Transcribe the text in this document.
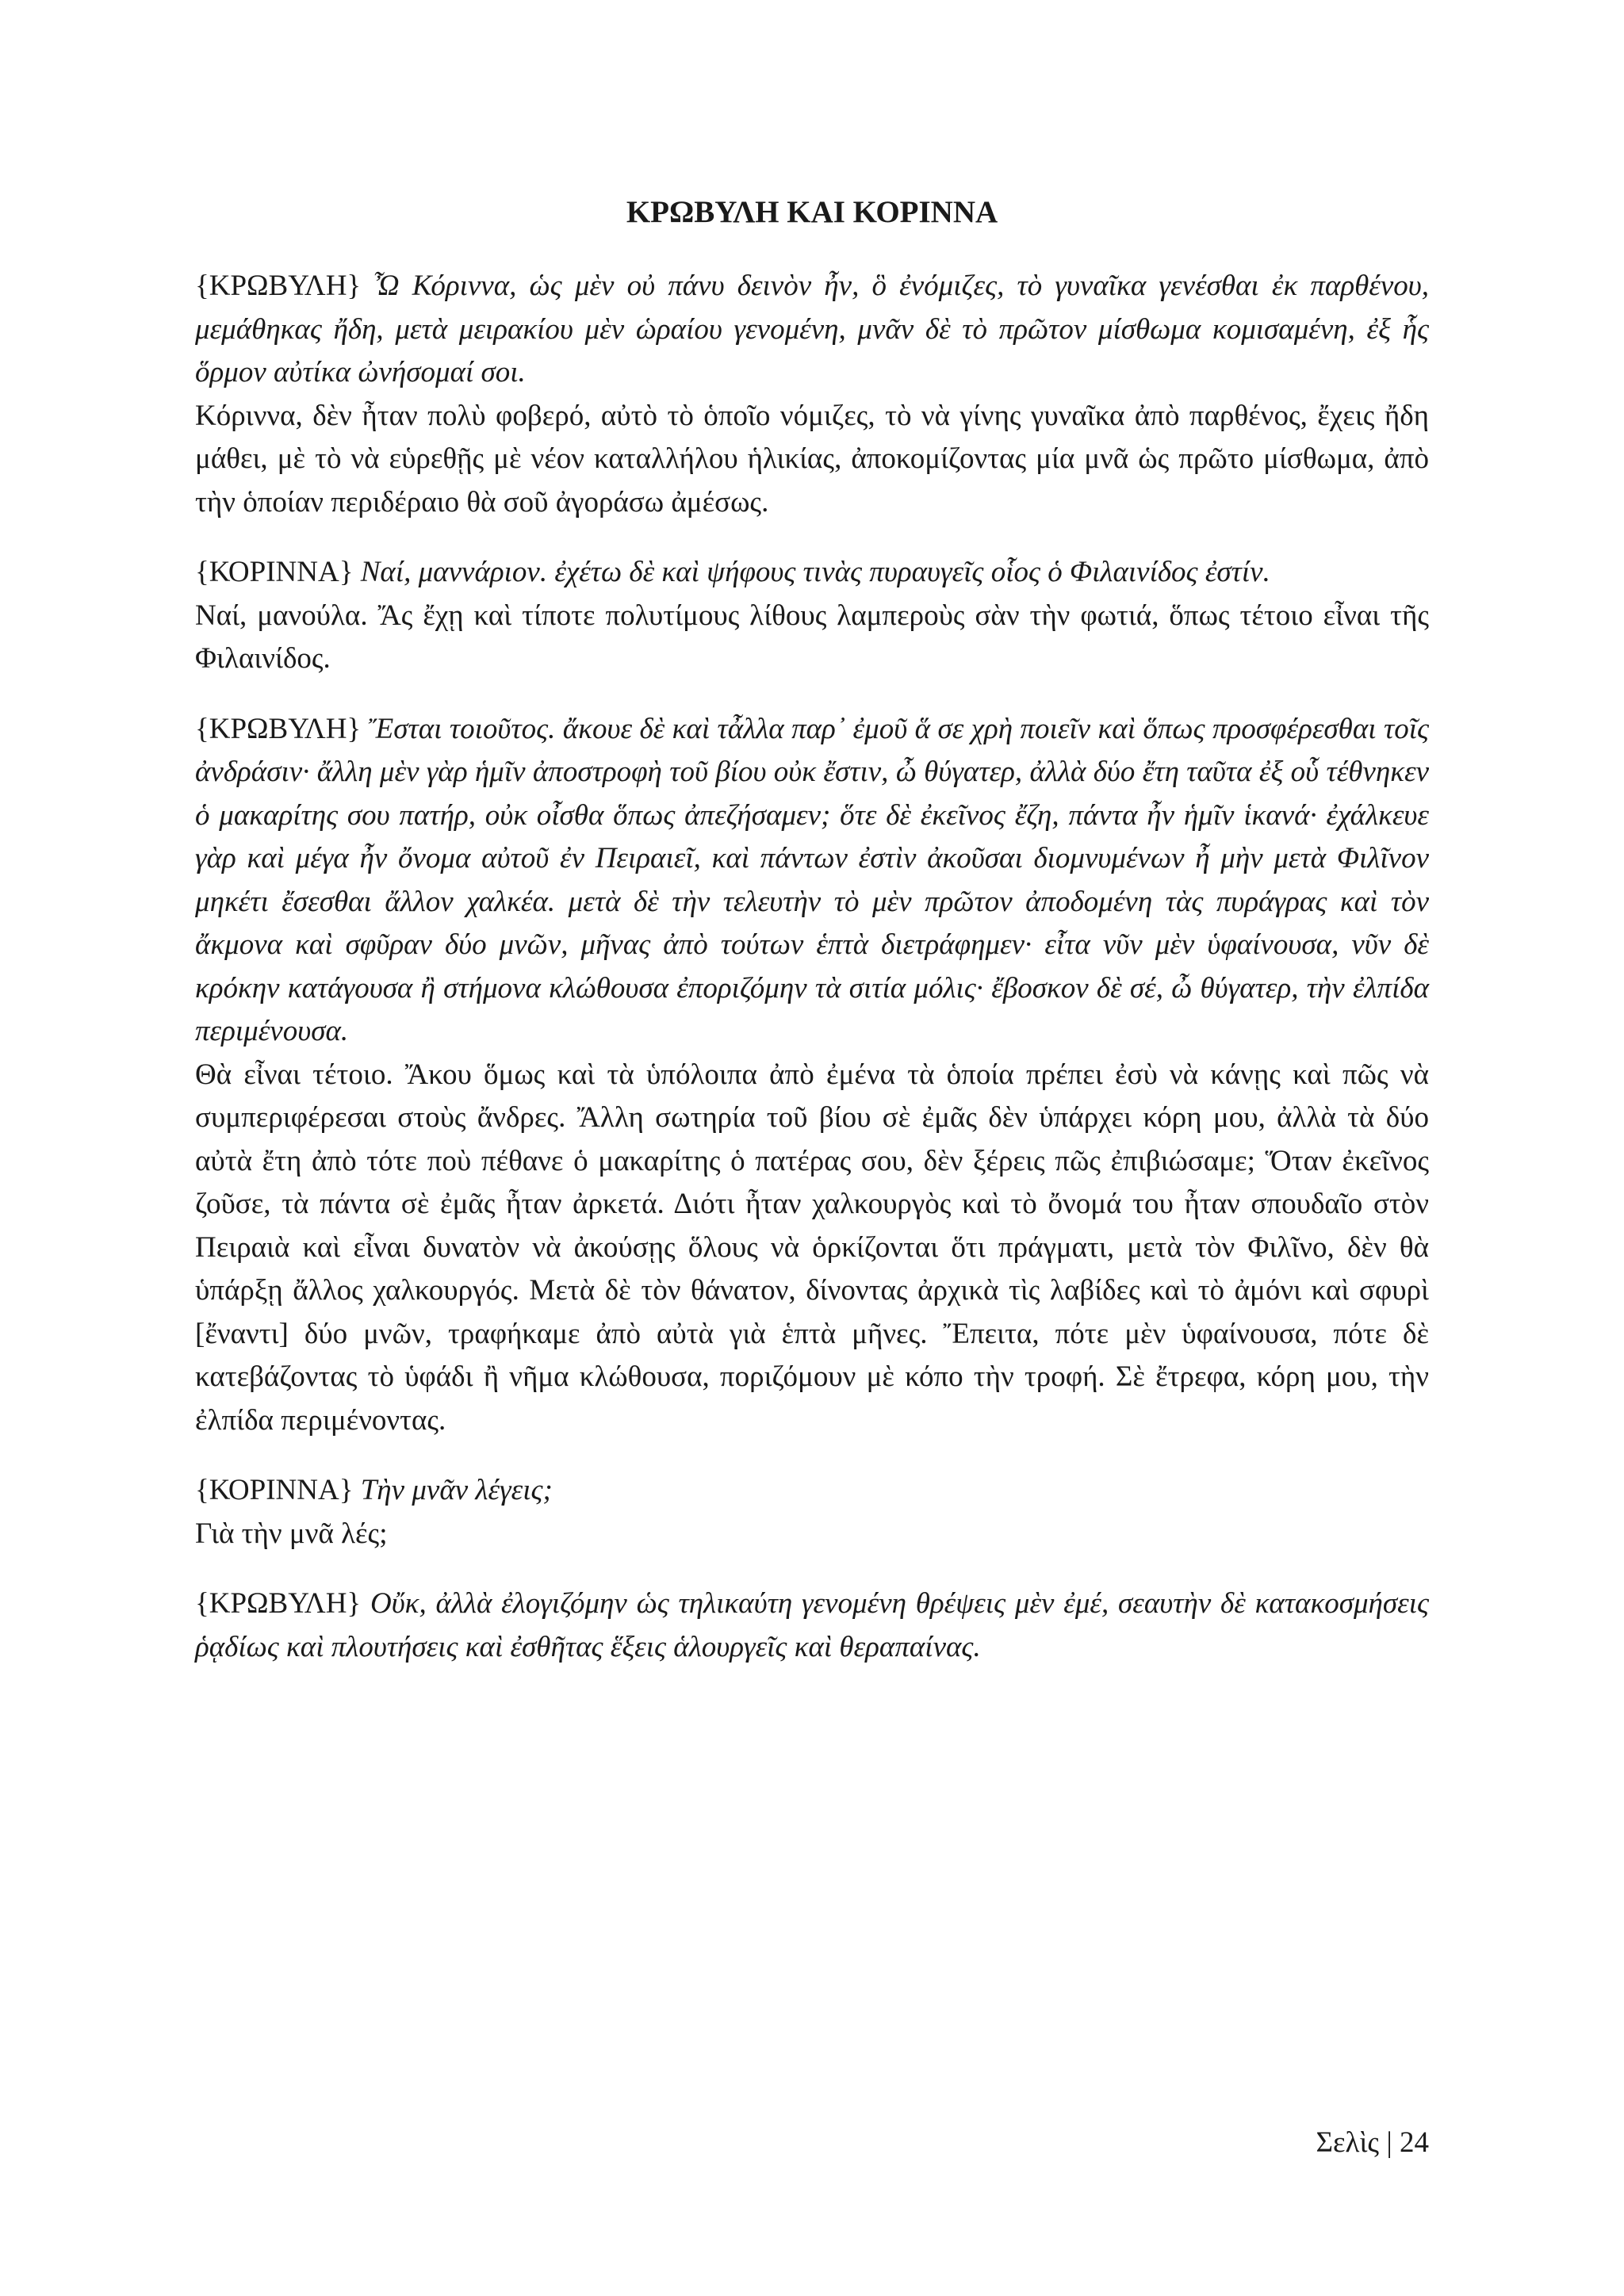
ΚΡΩΒΥΛΗ ΚΑΙ ΚΟΡΙΝΝΑ

{ΚΡΩΒΥΛΗ} Ὦ Κόριννα, ὡς μὲν οὐ πάνυ δεινὸν ἦν, ὃ ἐνόμιζες, τὸ γυναῖκα γενέσθαι ἐκ παρθένου, μεμάθηκας ἤδη, μετὰ μειρακίου μὲν ὡραίου γενομένη, μνᾶν δὲ τὸ πρῶτον μίσθωμα κομισαμένη, ἐξ ἧς ὅρμον αὐτίκα ὠνήσομαί σοι.

Κόριννα, δὲν ἦταν πολὺ φοβερό, αὐτὸ τὸ ὁποῖο νόμιζες, τὸ νὰ γίνης γυναῖκα ἀπὸ παρθένος, ἔχεις ἤδη μάθει, μὲ τὸ νὰ εὑρεθῇς μὲ νέον καταλλήλου ἡλικίας, ἀποκομίζοντας μία μνᾶ ὡς πρῶτο μίσθωμα, ἀπὸ τὴν ὁποίαν περιδέραιο θὰ σοῦ ἀγοράσω ἀμέσως.

{ΚΟΡΙΝΝΑ} Ναί, μαννάριον. ἐχέτω δὲ καὶ ψήφους τινὰς πυραυγεῖς οἷος ὁ Φιλαινίδος ἐστίν.

Ναί, μανούλα. Ἄς ἔχῃ καὶ τίποτε πολυτίμους λίθους λαμπεροὺς σὰν τὴν φωτιά, ὅπως τέτοιο εἶναι τῆς Φιλαινίδος.

{ΚΡΩΒΥΛΗ} Ἔσται τοιοῦτος. ἄκουε δὲ καὶ τἆλλα παρ᾽ ἐμοῦ ἅ σε χρὴ ποιεῖν καὶ ὅπως προσφέρεσθαι τοῖς ἀνδράσιν· ἄλλη μὲν γὰρ ἡμῖν ἀποστροφὴ τοῦ βίου οὐκ ἔστιν, ὦ θύγατερ, ἀλλὰ δύο ἔτη ταῦτα ἐξ οὗ τέθνηκεν ὁ μακαρίτης σου πατήρ, οὐκ οἶσθα ὅπως ἀπεζήσαμεν; ὅτε δὲ ἐκεῖνος ἔζη, πάντα ἦν ἡμῖν ἱκανά· ἐχάλκευε γὰρ καὶ μέγα ἦν ὄνομα αὐτοῦ ἐν Πειραιεῖ, καὶ πάντων ἐστὶν ἀκοῦσαι διομνυμένων ἦ μὴν μετὰ Φιλῖνον μηκέτι ἔσεσθαι ἄλλον χαλκέα. μετὰ δὲ τὴν τελευτὴν τὸ μὲν πρῶτον ἀποδομένη τὰς πυράγρας καὶ τὸν ἄκμονα καὶ σφῦραν δύο μνῶν, μῆνας ἀπὸ τούτων ἑπτὰ διετράφημεν· εἶτα νῦν μὲν ὑφαίνουσα, νῦν δὲ κρόκην κατάγουσα ἢ στήμονα κλώθουσα ἐποριζόμην τὰ σιτία μόλις· ἔβοσκον δὲ σέ, ὦ θύγατερ, τὴν ἐλπίδα περιμένουσα.

Θὰ εἶναι τέτοιο. Ἄκου ὅμως καὶ τὰ ὑπόλοιπα ἀπὸ ἐμένα τὰ ὁποία πρέπει ἐσὺ νὰ κάνῃς καὶ πῶς νὰ συμπεριφέρεσαι στοὺς ἄνδρες. Ἄλλη σωτηρία τοῦ βίου σὲ ἐμᾶς δὲν ὑπάρχει κόρη μου, ἀλλὰ τὰ δύο αὐτὰ ἔτη ἀπὸ τότε ποὺ πέθανε ὁ μακαρίτης ὁ πατέρας σου, δὲν ξέρεις πῶς ἐπιβιώσαμε; Ὅταν ἐκεῖνος ζοῦσε, τὰ πάντα σὲ ἐμᾶς ἦταν ἀρκετά. Διότι ἦταν χαλκουργὸς καὶ τὸ ὄνομά του ἦταν σπουδαῖο στὸν Πειραιὰ καὶ εἶναι δυνατὸν νὰ ἀκούσῃς ὅλους νὰ ὁρκίζονται ὅτι πράγματι, μετὰ τὸν Φιλῖνο, δὲν θὰ ὑπάρξῃ ἄλλος χαλκουργός. Μετὰ δὲ τὸν θάνατον, δίνοντας ἀρχικὰ τὶς λαβίδες καὶ τὸ ἀμόνι καὶ σφυρὶ [ἔναντι] δύο μνῶν, τραφήκαμε ἀπὸ αὐτὰ γιὰ ἑπτὰ μῆνες. Ἔπειτα, πότε μὲν ὑφαίνουσα, πότε δὲ κατεβάζοντας τὸ ὑφάδι ἢ νῆμα κλώθουσα, ποριζόμουν μὲ κόπο τὴν τροφή. Σὲ ἔτρεφα, κόρη μου, τὴν ἐλπίδα περιμένοντας.

{ΚΟΡΙΝΝΑ} Τὴν μνᾶν λέγεις;

Γιὰ τὴν μνᾶ λές;

{ΚΡΩΒΥΛΗ} Οὔκ, ἀλλὰ ἐλογιζόμην ὡς τηλικαύτη γενομένη θρέψεις μὲν ἐμέ, σεαυτὴν δὲ κατακοσμήσεις ῥᾳδίως καὶ πλουτήσεις καὶ ἐσθῆτας ἕξεις ἁλουργεῖς καὶ θεραπαίνας.

Σελὶς | 24
